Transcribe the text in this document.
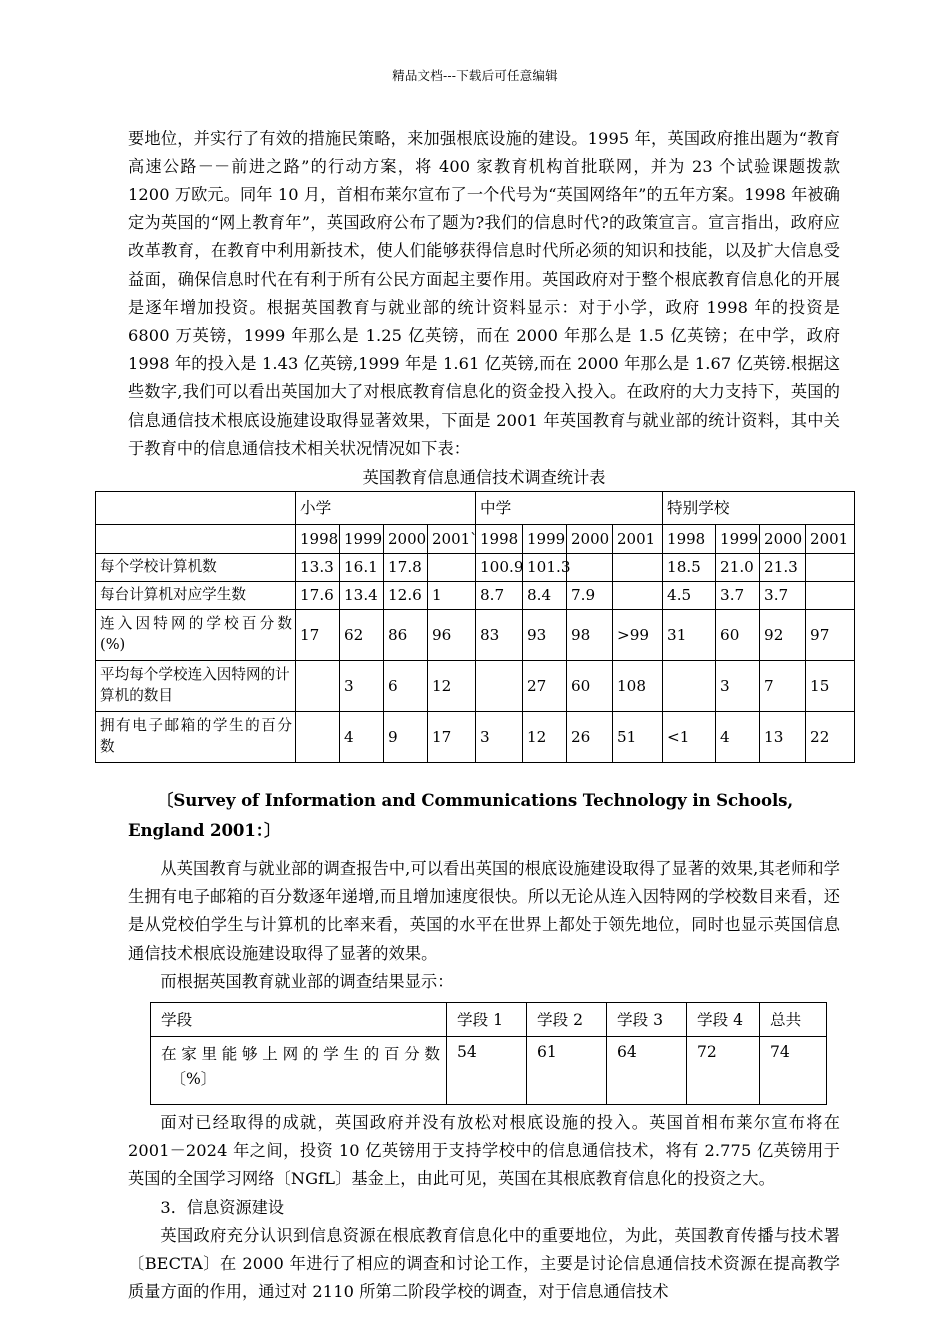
精品文档---下载后可任意编辑

要地位，并实行了有效的措施民策略，来加强根底设施的建设。1995 年，英国政府推出题为“教育高速公路－－前进之路”的行动方案，将 400 家教育机构首批联网，并为 23 个试验课题拨款 1200 万欧元。同年 10 月，首相布莱尔宣布了一个代号为“英国网络年”的五年方案。1998 年被确定为英国的“网上教育年”，英国政府公布了题为?我们的信息时代?的政策宣言。宣言指出，政府应改革教育，在教育中利用新技术，使人们能够获得信息时代所必须的知识和技能，以及扩大信息受益面，确保信息时代在有利于所有公民方面起主要作用。英国政府对于整个根底教育信息化的开展是逐年增加投资。根据英国教育与就业部的统计资料显示：对于小学，政府 1998 年的投资是 6800 万英镑，1999 年那么是 1.25 亿英镑，而在 2000 年那么是 1.5 亿英镑；在中学，政府 1998 年的投入是 1.43 亿英镑,1999 年是 1.61 亿英镑,而在 2000 年那么是 1.67 亿英镑.根据这些数字,我们可以看出英国加大了对根底教育信息化的资金投入投入。在政府的大力支持下，英国的信息通信技术根底设施建设取得显著效果，下面是 2001 年英国教育与就业部的统计资料，其中关于教育中的信息通信技术相关状况情况如下表：

英国教育信息通信技术调查统计表
	小学				中学				特别学校			
	1998	1999	2000	2001`	1998	1999	2000	2001	1998	1999	2000	2001
每个学校计算机数	13.3	16.1	17.8		100.9	101.3			18.5	21.0	21.3	
每台计算机对应学生数	17.6	13.4	12.6	1	8.7	8.4	7.9		4.5	3.7	3.7	

连入因特网的学校百分数
(%)	17	62	86	96	83	93	98	>99	31	60	92	97
平均每个学校连入因特网的计算机的数目		3	6	12		27	60	108		3	7	15

拥有电子邮箱的学生的百分
数		4	9	17	3	12	26	51	<1	4	13	22
〔Survey of Information and Communications Technology in Schools,
England 2001：〕

从英国教育与就业部的调查报告中,可以看出英国的根底设施建设取得了显著的效果,其老师和学生拥有电子邮箱的百分数逐年递增,而且增加速度很快。所以无论从连入因特网的学校数目来看，还是从党校伯学生与计算机的比率来看，英国的水平在世界上都处于领先地位，同时也显示英国信息通信技术根底设施建设取得了显著的效果。

而根据英国教育就业部的调查结果显示：

学段	学段 1	学段 2	学段 3	学段 4	总共
在家里能够上网的学生的百分数
〔%〕	54	61	64	72	74

面对已经取得的成就，英国政府并没有放松对根底设施的投入。英国首相布莱尔宣布将在 2001－2024 年之间，投资 10 亿英镑用于支持学校中的信息通信技术，将有 2.775 亿英镑用于英国的全国学习网络〔NGfL〕基金上，由此可见，英国在其根底教育信息化的投资之大。

3．信息资源建设

英国政府充分认识到信息资源在根底教育信息化中的重要地位，为此，英国教育传播与技术署〔BECTA〕在 2000 年进行了相应的调查和讨论工作，主要是讨论信息通信技术资源在提高教学质量方面的作用，通过对 2110 所第二阶段学校的调查，对于信息通信技术
